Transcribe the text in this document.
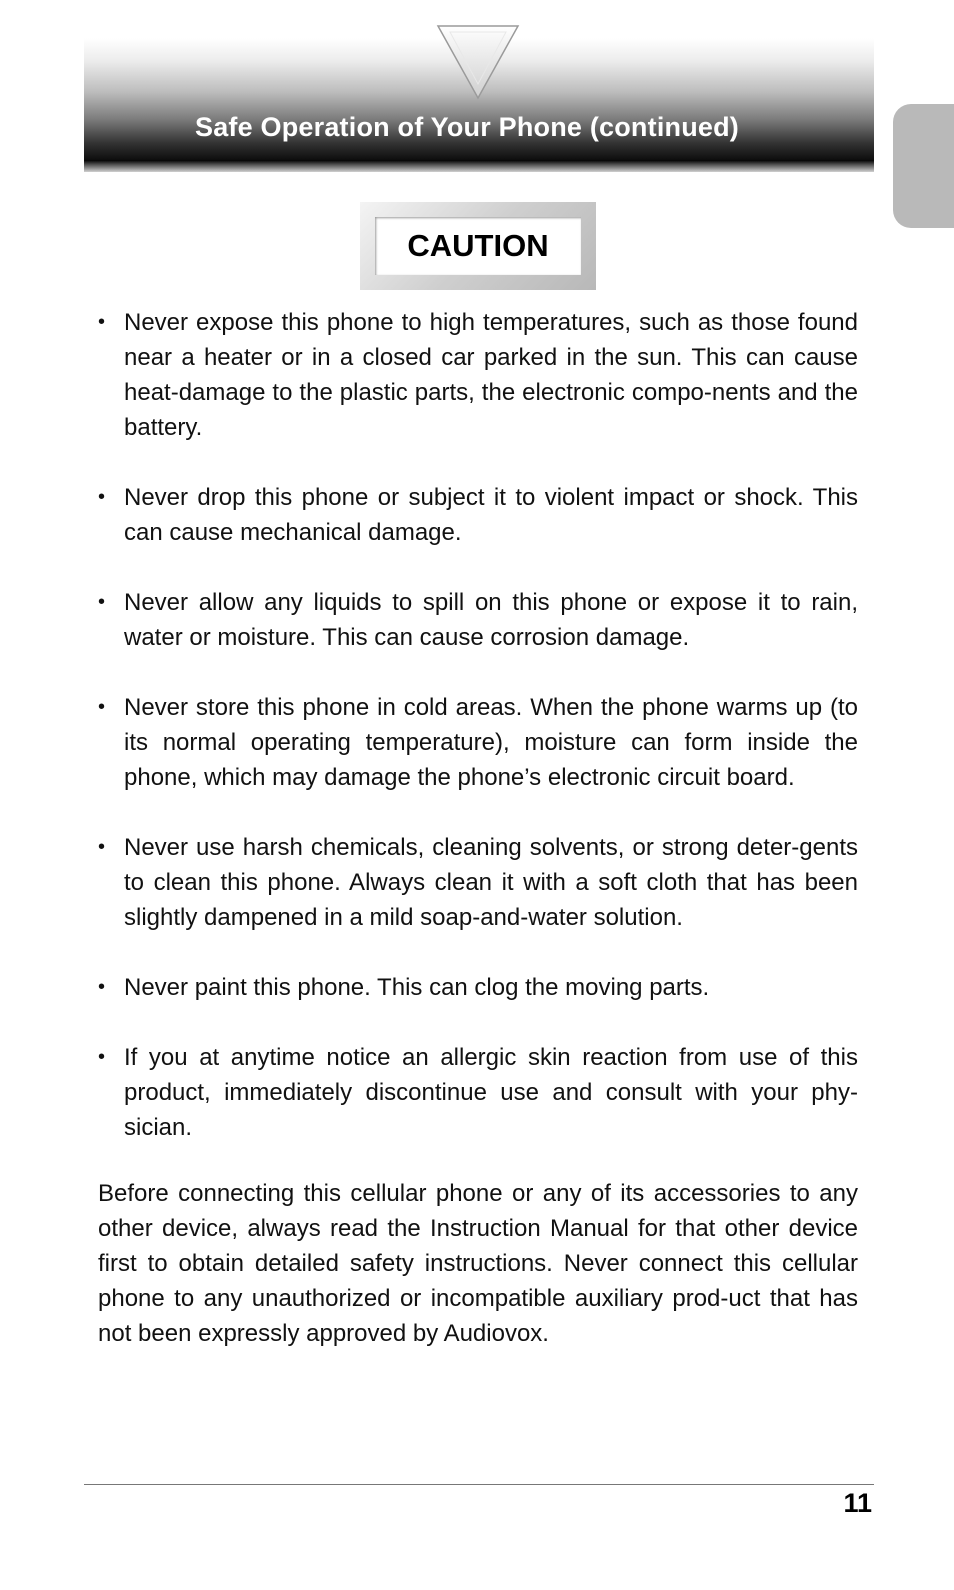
Safe Operation of Your Phone (continued)
CAUTION
• Never expose this phone to high temperatures, such as those found near a heater or in a closed car parked in the sun. This can cause heat-damage to the plastic parts, the electronic compo-nents and the battery.
• Never drop this phone or subject it to violent impact or shock. This can cause mechanical damage.
• Never allow any liquids to spill on this phone or expose it to rain, water or moisture. This can cause corrosion damage.
• Never store this phone in cold areas. When the phone warms up (to its normal operating temperature), moisture can form inside the phone, which may damage the phone’s electronic circuit board.
• Never use harsh chemicals, cleaning solvents, or strong deter-gents to clean this phone. Always clean it with a soft cloth that has been slightly dampened in a mild soap-and-water solution.
• Never paint this phone. This can clog the moving parts.
• If you at anytime notice an allergic skin reaction from use of this product, immediately discontinue use and consult with your phy-sician.

Before connecting this cellular phone or any of its accessories to any other device, always read the Instruction Manual for that other device first to obtain detailed safety instructions. Never connect this cellular phone to any unauthorized or incompatible auxiliary prod-uct that has not been expressly approved by Audiovox.

11
